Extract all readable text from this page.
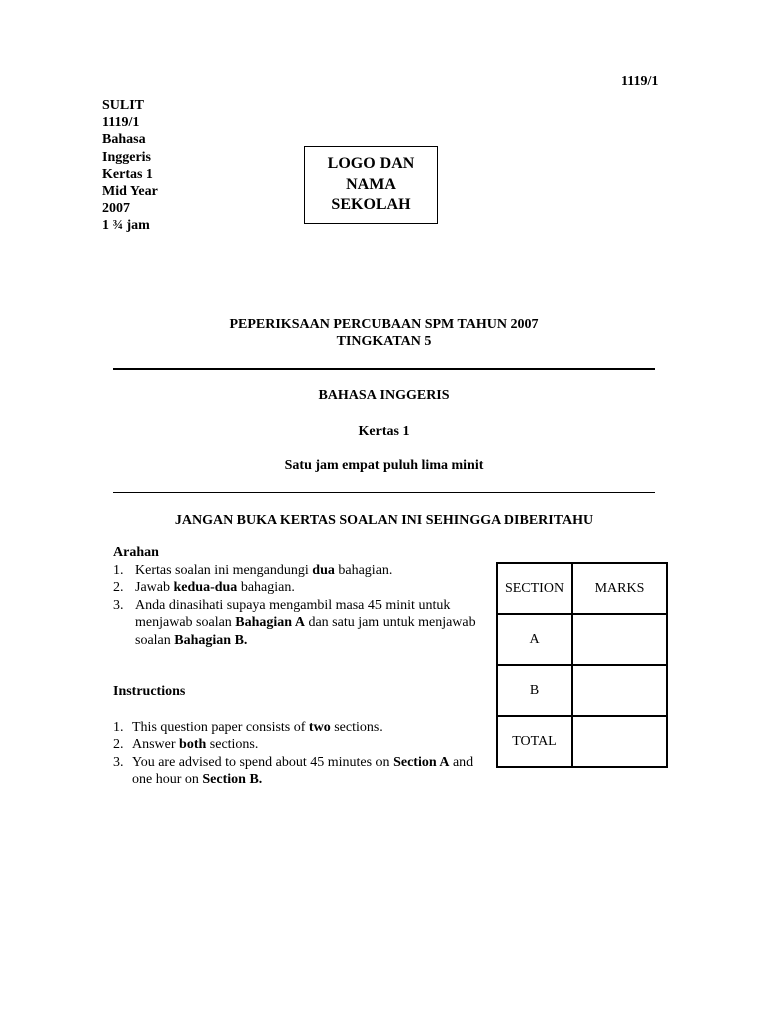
1119/1
SULIT
1119/1
Bahasa
Inggeris
Kertas 1
Mid Year
2007
1 ¾ jam
LOGO DAN
NAMA
SEKOLAH
PEPERIKSAAN PERCUBAAN SPM TAHUN 2007
TINGKATAN 5
BAHASA INGGERIS
Kertas 1
Satu jam empat puluh lima minit
JANGAN BUKA KERTAS SOALAN INI SEHINGGA DIBERITAHU
Arahan
1. Kertas soalan ini mengandungi dua bahagian.
2. Jawab kedua-dua bahagian.
3. Anda dinasihati supaya mengambil masa 45 minit untuk menjawab soalan Bahagian A dan satu jam untuk menjawab soalan Bahagian B.
Instructions
1. This question paper consists of two sections.
2. Answer both sections.
3. You are advised to spend about 45 minutes on Section A and one hour on Section B.
SECTION	MARKS
A	
B	
TOTAL	
